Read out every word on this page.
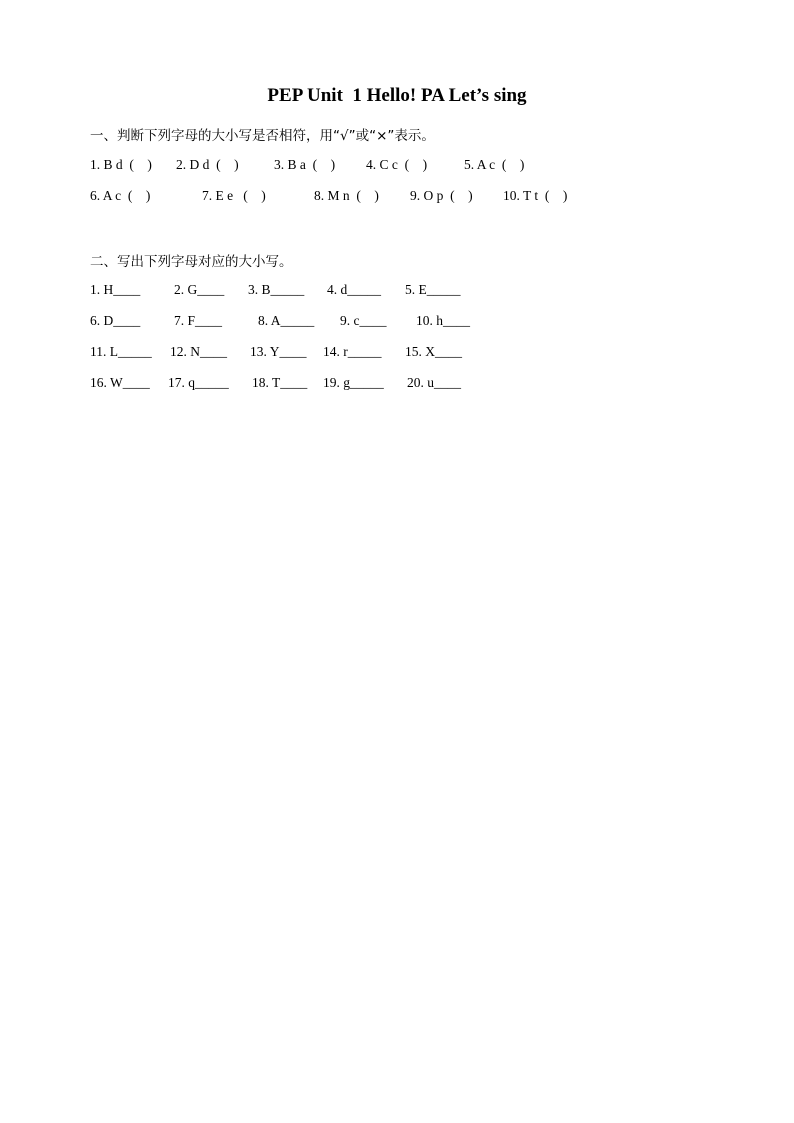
PEP Unit  1 Hello! PA Let’s sing
一、判断下列字母的大小写是否相符，用“√”或“×”表示。
1. B d  (    ) 2. D d  (    )	3. B a  (    ) 4. C c  (    )	5. A c  (    )
6. A c  (    )	7. E e   (    )	8. M n  (    ) 9. O p  (    ) 10. T t  (    )
二、写出下列字母对应的大小写。
1. H____	2. G____ 3. B_____ 4. d_____ 5. E_____
6. D____	7. F____	8. A_____ 9. c____ 10. h____
11. L_____ 12. N____ 13. Y____ 14. r_____ 15. X____
16. W____ 17. q_____ 18. T____ 19. g_____ 20. u____
